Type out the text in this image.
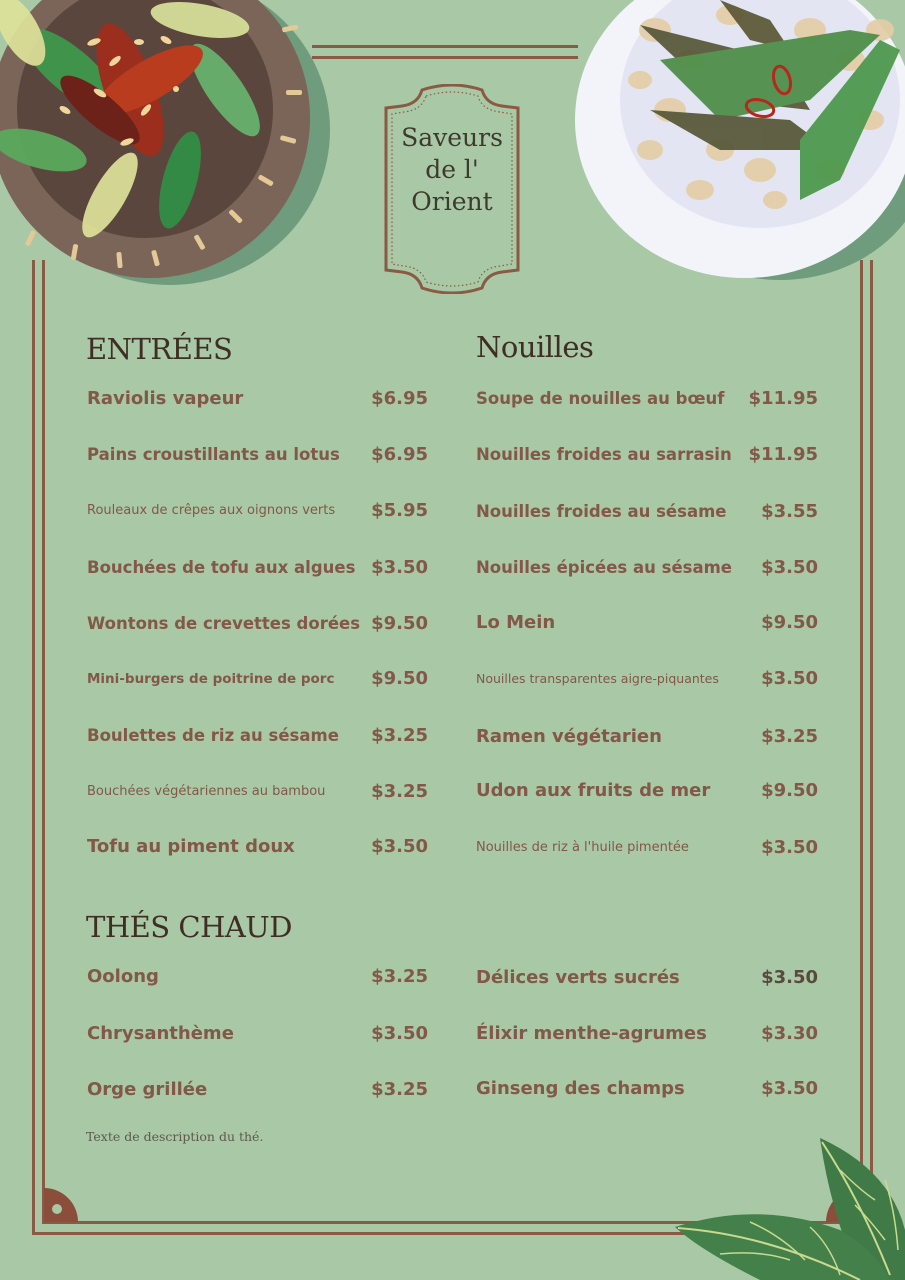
Saveurs
de l'
Orient
ENTRÉES
Raviolis vapeur	$6.95
Pains croustillants au lotus $6.95
Rouleaux de crêpes aux oignons verts $5.95
Bouchées de tofu aux algues $3.50
Wontons de crevettes dorées $9.50
Mini-burgers de poitrine de porc $9.50
Boulettes de riz au sésame $3.25
Bouchées végétariennes au bambou	$3.25
Tofu au piment doux	$3.50
Nouilles
Soupe de nouilles au bœuf $11.95
Nouilles froides au sarrasin $11.95
Nouilles froides au sésame $3.55
Nouilles épicées au sésame $3.50
Lo Mein	$9.50
Nouilles transparentes aigre-piquantes $3.50
Ramen végétarien	$3.25
Udon aux fruits de mer	$9.50
Nouilles de riz à l'huile pimentée	$3.50
THÉS CHAUD
Oolong	$3.25
Chrysanthème	$3.50
Orge grillée	$3.25
Délices verts sucrés	$3.50
Élixir menthe-agrumes	$3.30
Ginseng des champs	$3.50
Texte de description du thé.
